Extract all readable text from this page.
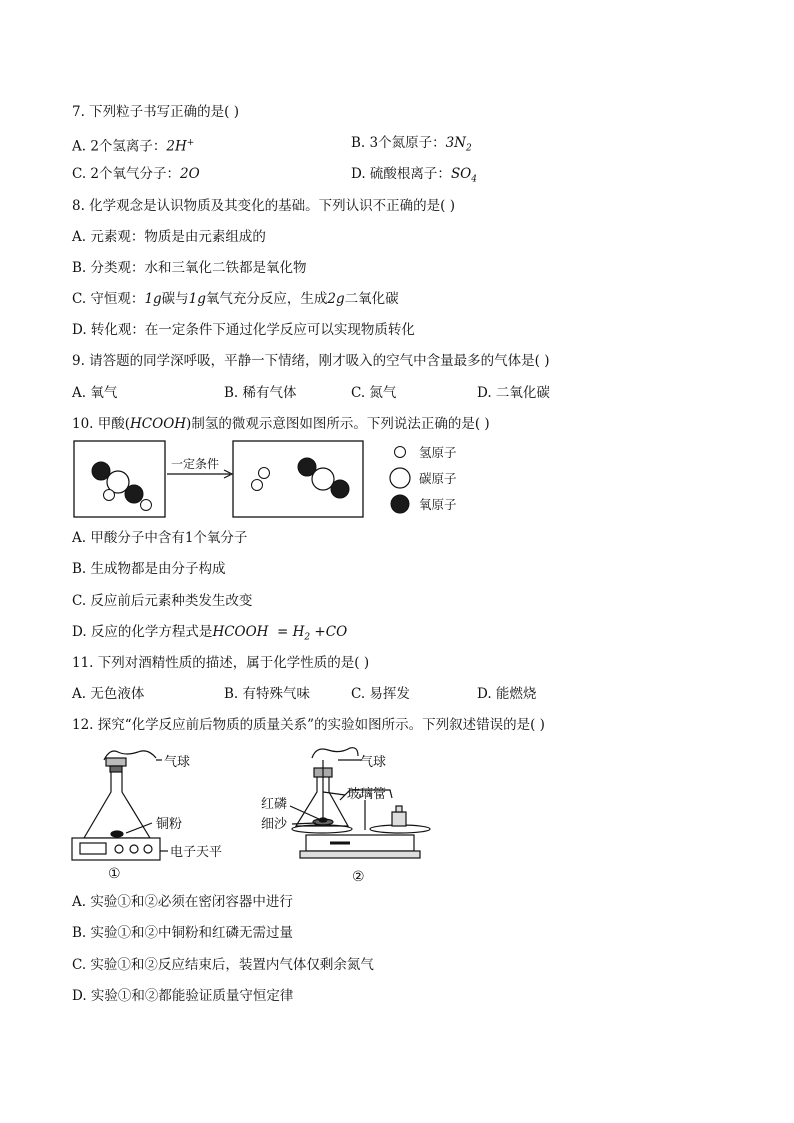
7. 下列粒子书写正确的是( )
A. 2个氢离子：2H+	B. 3个氮原子：$3N_2$
C. 2个氧气分子：2O	D. 硫酸根离子：$SO_4$
8. 化学观念是认识物质及其变化的基础。下列认识不正确的是( )
A. 元素观：物质是由元素组成的
B. 分类观：水和三氧化二铁都是氧化物
C. 守恒观：1g碳与1g氧气充分反应，生成2g二氧化碳
D. 转化观：在一定条件下通过化学反应可以实现物质转化
9. 请答题的同学深呼吸，平静一下情绪，刚才吸入的空气中含量最多的气体是( )
A. 氧气	B. 稀有气体	C. 氮气	D. 二氧化碳
10. 甲酸(HCOOH)制氢的微观示意图如图所示。下列说法正确的是( )
一定条件
氢原子
碳原子
氧原子
A. 甲酸分子中含有1个氧分子
B. 生成物都是由分子构成
C. 反应前后元素种类发生改变
D. 反应的化学方程式是HCOOH  = $H_2 +CO$
11. 下列对酒精性质的描述，属于化学性质的是( )
A. 无色液体	B. 有特殊气味	C. 易挥发	D. 能燃烧
12. 探究“化学反应前后物质的质量关系”的实验如图所示。下列叙述错误的是( )
气球
铜粉
电子天平
①
气球
玻璃管
红磷
细沙
②
A. 实验①和②必须在密闭容器中进行
B. 实验①和②中铜粉和红磷无需过量
C. 实验①和②反应结束后，装置内气体仅剩余氮气
D. 实验①和②都能验证质量守恒定律
